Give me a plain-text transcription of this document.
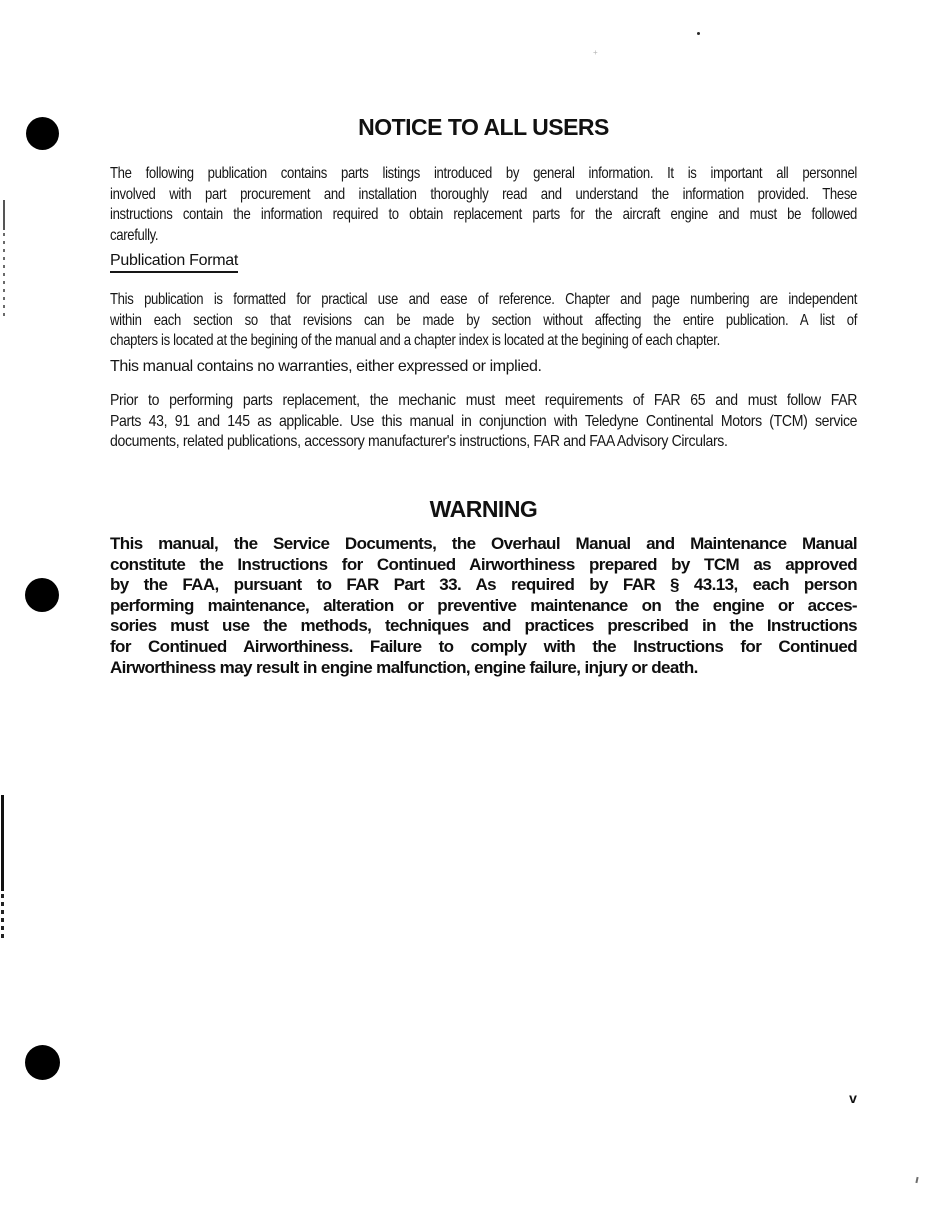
+
NOTICE TO ALL USERS
The following publication contains parts listings introduced by general information. It is important all personnel
involved with part procurement and installation thoroughly read and understand the information provided. These
instructions contain the information required to obtain replacement parts for the aircraft engine and must be followed
carefully.
Publication Format
This publication is formatted for practical use and ease of reference. Chapter and page numbering are independent
within each section so that revisions can be made by section without affecting the entire publication. A list of
chapters is located at the begining of the manual and a chapter index is located at the begining of each chapter.
This manual contains no warranties, either expressed or implied.
Prior to performing parts replacement, the mechanic must meet requirements of FAR 65 and must follow FAR
Parts 43, 91 and 145 as applicable. Use this manual in conjunction with Teledyne Continental Motors (TCM) service
documents, related publications, accessory manufacturer's instructions, FAR and FAA Advisory Circulars.
WARNING
This manual, the Service Documents, the Overhaul Manual and Maintenance Manual
constitute the Instructions for Continued Airworthiness prepared by TCM as approved
by the FAA, pursuant to FAR Part 33. As required by FAR § 43.13, each person
performing maintenance, alteration or preventive maintenance on the engine or acces-
sories must use the methods, techniques and practices prescribed in the Instructions
for Continued Airworthiness. Failure to comply with the Instructions for Continued
Airworthiness may result in engine malfunction, engine failure, injury or death.
v
